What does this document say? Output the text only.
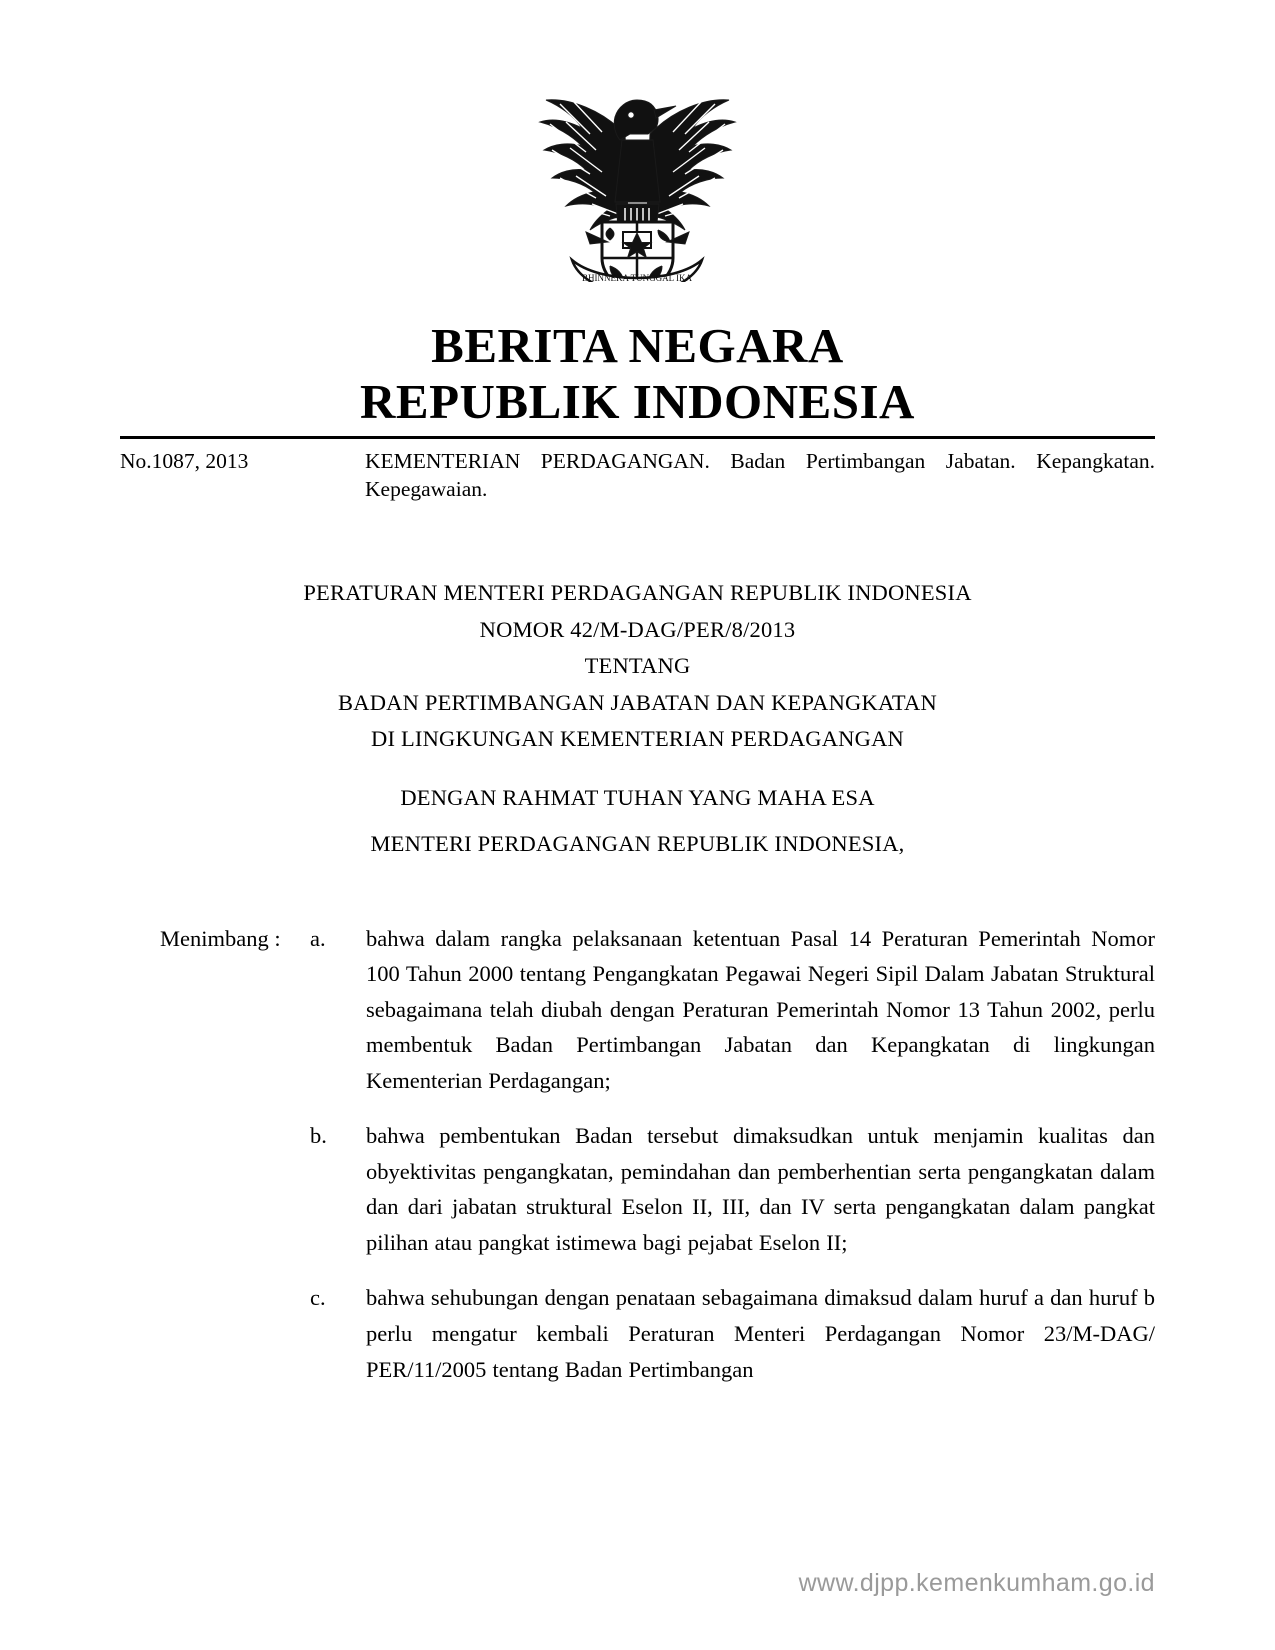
BHINNEKA TUNGGAL IKA
BERITA NEGARA
REPUBLIK INDONESIA
No.1087, 2013	KEMENTERIAN PERDAGANGAN. Badan Pertimbangan Jabatan. Kepangkatan. Kepegawaian.
PERATURAN MENTERI PERDAGANGAN REPUBLIK INDONESIA
NOMOR 42/M-DAG/PER/8/2013
TENTANG
BADAN PERTIMBANGAN JABATAN DAN KEPANGKATAN
DI LINGKUNGAN KEMENTERIAN PERDAGANGAN
DENGAN RAHMAT TUHAN YANG MAHA ESA
MENTERI PERDAGANGAN REPUBLIK INDONESIA,
Menimbang :	a.	bahwa dalam rangka pelaksanaan ketentuan Pasal 14 Peraturan Pemerintah Nomor 100 Tahun 2000 tentang Pengangkatan Pegawai Negeri Sipil Dalam Jabatan Struktural sebagaimana telah diubah dengan Peraturan Pemerintah Nomor 13 Tahun 2002, perlu membentuk Badan Pertimbangan Jabatan dan Kepangkatan di lingkungan Kementerian Perdagangan;
b.	bahwa pembentukan Badan tersebut dimaksudkan untuk menjamin kualitas dan obyektivitas pengangkatan, pemindahan dan pemberhentian serta pengangkatan dalam dan dari jabatan struktural Eselon II, III, dan IV serta pengangkatan dalam pangkat pilihan atau pangkat istimewa bagi pejabat Eselon II;
c.	bahwa sehubungan dengan penataan sebagaimana dimaksud dalam huruf a dan huruf b perlu mengatur kembali Peraturan Menteri Perdagangan Nomor 23/M-DAG/ PER/11/2005 tentang Badan Pertimbangan
www.djpp.kemenkumham.go.id
